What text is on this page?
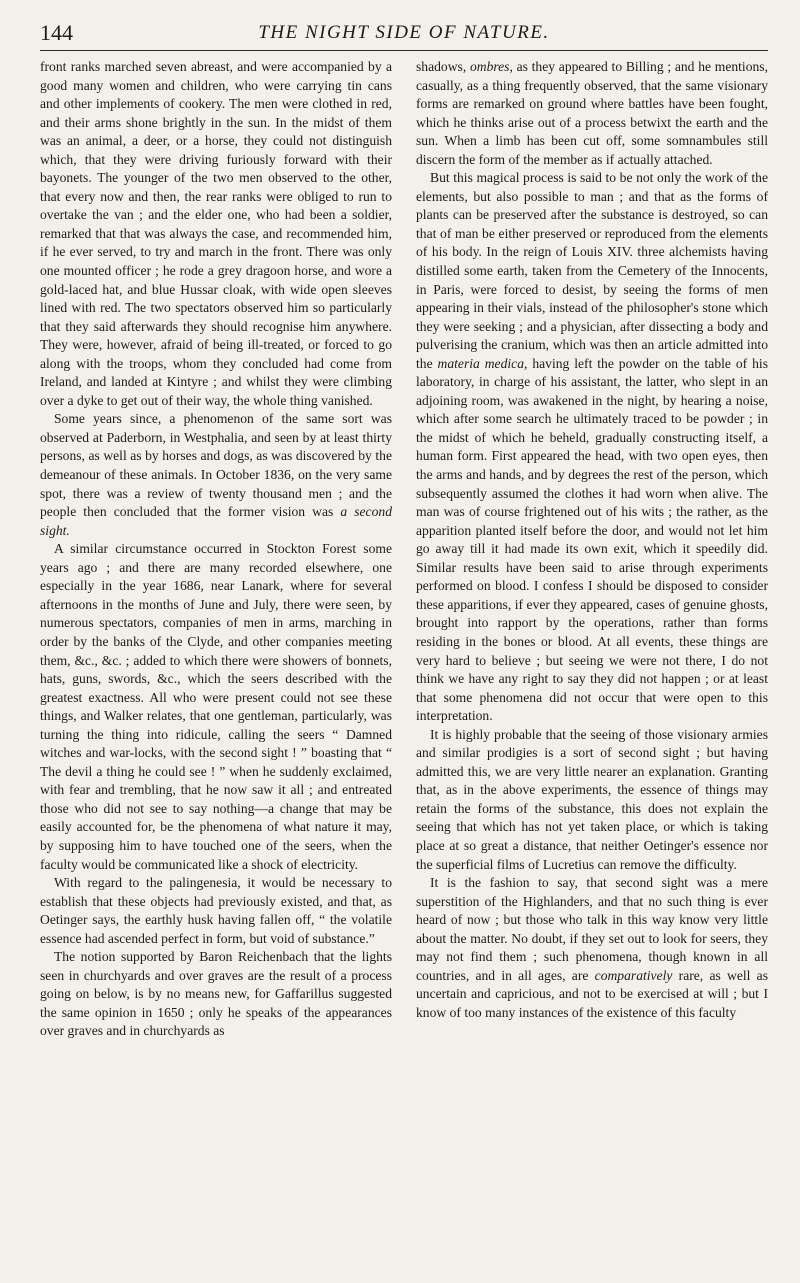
144	THE NIGHT SIDE OF NATURE.

front ranks marched seven abreast, and were accompanied by a good many women and children, who were carrying tin cans and other implements of cookery. The men were clothed in red, and their arms shone brightly in the sun. In the midst of them was an animal, a deer, or a horse, they could not distinguish which, that they were driving furiously forward with their bayonets. The younger of the two men observed to the other, that every now and then, the rear ranks were obliged to run to overtake the van ; and the elder one, who had been a soldier, remarked that that was always the case, and recommended him, if he ever served, to try and march in the front. There was only one mounted officer ; he rode a grey dragoon horse, and wore a gold-laced hat, and blue Hussar cloak, with wide open sleeves lined with red. The two spectators observed him so particularly that they said afterwards they should recognise him anywhere. They were, however, afraid of being ill-treated, or forced to go along with the troops, whom they concluded had come from Ireland, and landed at Kintyre ; and whilst they were climbing over a dyke to get out of their way, the whole thing vanished.

Some years since, a phenomenon of the same sort was observed at Paderborn, in Westphalia, and seen by at least thirty persons, as well as by horses and dogs, as was discovered by the demeanour of these animals. In October 1836, on the very same spot, there was a review of twenty thousand men ; and the people then concluded that the former vision was a second sight.

A similar circumstance occurred in Stockton Forest some years ago ; and there are many recorded elsewhere, one especially in the year 1686, near Lanark, where for several afternoons in the months of June and July, there were seen, by numerous spectators, companies of men in arms, marching in order by the banks of the Clyde, and other companies meeting them, &c., &c. ; added to which there were showers of bonnets, hats, guns, swords, &c., which the seers described with the greatest exactness. All who were present could not see these things, and Walker relates, that one gentleman, particularly, was turning the thing into ridicule, calling the seers “ Damned witches and war-locks, with the second sight ! ” boasting that “ The devil a thing he could see ! ” when he suddenly exclaimed, with fear and trembling, that he now saw it all ; and entreated those who did not see to say nothing—a change that may be easily accounted for, be the phenomena of what nature it may, by supposing him to have touched one of the seers, when the faculty would be communicated like a shock of electricity.

With regard to the palingenesia, it would be necessary to establish that these objects had previously existed, and that, as Oetinger says, the earthly husk having fallen off, “ the volatile essence had ascended perfect in form, but void of substance.”

The notion supported by Baron Reichenbach that the lights seen in churchyards and over graves are the result of a process going on below, is by no means new, for Gaffarillus suggested the same opinion in 1650 ; only he speaks of the appearances over graves and in churchyards as

shadows, ombres, as they appeared to Billing ; and he mentions, casually, as a thing frequently observed, that the same visionary forms are remarked on ground where battles have been fought, which he thinks arise out of a process betwixt the earth and the sun. When a limb has been cut off, some somnambules still discern the form of the member as if actually attached.

But this magical process is said to be not only the work of the elements, but also possible to man ; and that as the forms of plants can be preserved after the substance is destroyed, so can that of man be either preserved or reproduced from the elements of his body. In the reign of Louis XIV. three alchemists having distilled some earth, taken from the Cemetery of the Innocents, in Paris, were forced to desist, by seeing the forms of men appearing in their vials, instead of the philosopher's stone which they were seeking ; and a physician, after dissecting a body and pulverising the cranium, which was then an article admitted into the materia medica, having left the powder on the table of his laboratory, in charge of his assistant, the latter, who slept in an adjoining room, was awakened in the night, by hearing a noise, which after some search he ultimately traced to be powder ; in the midst of which he beheld, gradually constructing itself, a human form. First appeared the head, with two open eyes, then the arms and hands, and by degrees the rest of the person, which subsequently assumed the clothes it had worn when alive. The man was of course frightened out of his wits ; the rather, as the apparition planted itself before the door, and would not let him go away till it had made its own exit, which it speedily did. Similar results have been said to arise through experiments performed on blood. I confess I should be disposed to consider these apparitions, if ever they appeared, cases of genuine ghosts, brought into rapport by the operations, rather than forms residing in the bones or blood. At all events, these things are very hard to believe ; but seeing we were not there, I do not think we have any right to say they did not happen ; or at least that some phenomena did not occur that were open to this interpretation.

It is highly probable that the seeing of those visionary armies and similar prodigies is a sort of second sight ; but having admitted this, we are very little nearer an explanation. Granting that, as in the above experiments, the essence of things may retain the forms of the substance, this does not explain the seeing that which has not yet taken place, or which is taking place at so great a distance, that neither Oetinger's essence nor the superficial films of Lucretius can remove the difficulty.

It is the fashion to say, that second sight was a mere superstition of the Highlanders, and that no such thing is ever heard of now ; but those who talk in this way know very little about the matter. No doubt, if they set out to look for seers, they may not find them ; such phenomena, though known in all countries, and in all ages, are comparatively rare, as well as uncertain and capricious, and not to be exercised at will ; but I know of too many instances of the existence of this faculty
